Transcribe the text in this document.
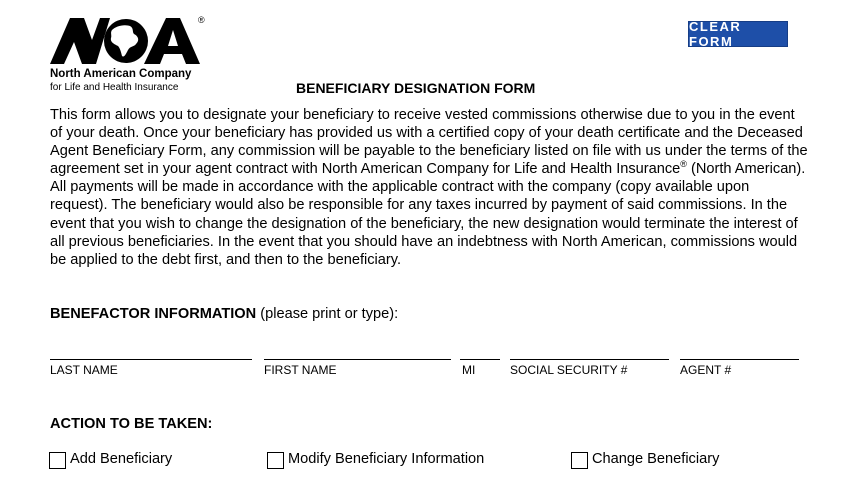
®
North American Company
for Life and Health Insurance
CLEAR FORM
BENEFICIARY DESIGNATION FORM

This form allows you to designate your beneficiary to receive vested commissions otherwise due to you in the event of your death. Once your beneficiary has provided us with a certified copy of your death certificate and the Deceased Agent Beneficiary Form, any commission will be payable to the beneficiary listed on file with us under the terms of the agreement set in your agent contract with North American Company for Life and Health Insurance® (North American). All payments will be made in accordance with the applicable contract with the company (copy available upon request). The beneficiary would also be responsible for any taxes incurred by payment of said commissions. In the event that you wish to change the designation of the beneficiary, the new designation would terminate the interest of all previous beneficiaries. In the event that you should have an indebtness with North American, commissions would be applied to the debt first, and then to the beneficiary.

BENEFACTOR INFORMATION (please print or type):
LAST NAME	FIRST NAME	MI	SOCIAL SECURITY #	AGENT #
ACTION TO BE TAKEN:
Add Beneficiary	Modify Beneficiary Information	Change Beneficiary
